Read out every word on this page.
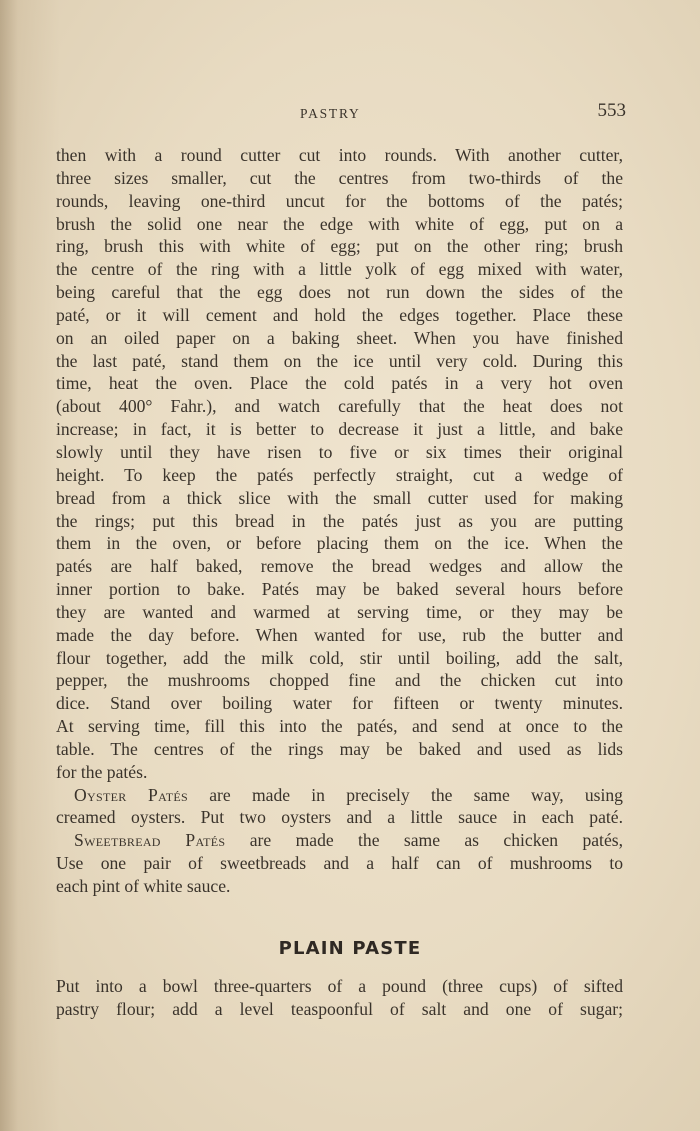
PASTRY	553
then with a round cutter cut into rounds. With another cutter,
three sizes smaller, cut the centres from two-thirds of the
rounds, leaving one-third uncut for the bottoms of the patés;
brush the solid one near the edge with white of egg, put on a
ring, brush this with white of egg; put on the other ring; brush
the centre of the ring with a little yolk of egg mixed with water,
being careful that the egg does not run down the sides of the
paté, or it will cement and hold the edges together. Place these
on an oiled paper on a baking sheet. When you have finished
the last paté, stand them on the ice until very cold. During this
time, heat the oven. Place the cold patés in a very hot oven
(about 400° Fahr.), and watch carefully that the heat does not
increase; in fact, it is better to decrease it just a little, and bake
slowly until they have risen to five or six times their original
height. To keep the patés perfectly straight, cut a wedge of
bread from a thick slice with the small cutter used for making
the rings; put this bread in the patés just as you are putting
them in the oven, or before placing them on the ice. When the
patés are half baked, remove the bread wedges and allow the
inner portion to bake. Patés may be baked several hours before
they are wanted and warmed at serving time, or they may be
made the day before. When wanted for use, rub the butter and
flour together, add the milk cold, stir until boiling, add the salt,
pepper, the mushrooms chopped fine and the chicken cut into
dice. Stand over boiling water for fifteen or twenty minutes.
At serving time, fill this into the patés, and send at once to the
table. The centres of the rings may be baked and used as lids
for the patés.
Oyster Patés are made in precisely the same way, using
creamed oysters. Put two oysters and a little sauce in each paté.
Sweetbread Patés are made the same as chicken patés,
Use one pair of sweetbreads and a half can of mushrooms to
each pint of white sauce.
PLAIN PASTE
Put into a bowl three-quarters of a pound (three cups) of sifted
pastry flour; add a level teaspoonful of salt and one of sugar;
